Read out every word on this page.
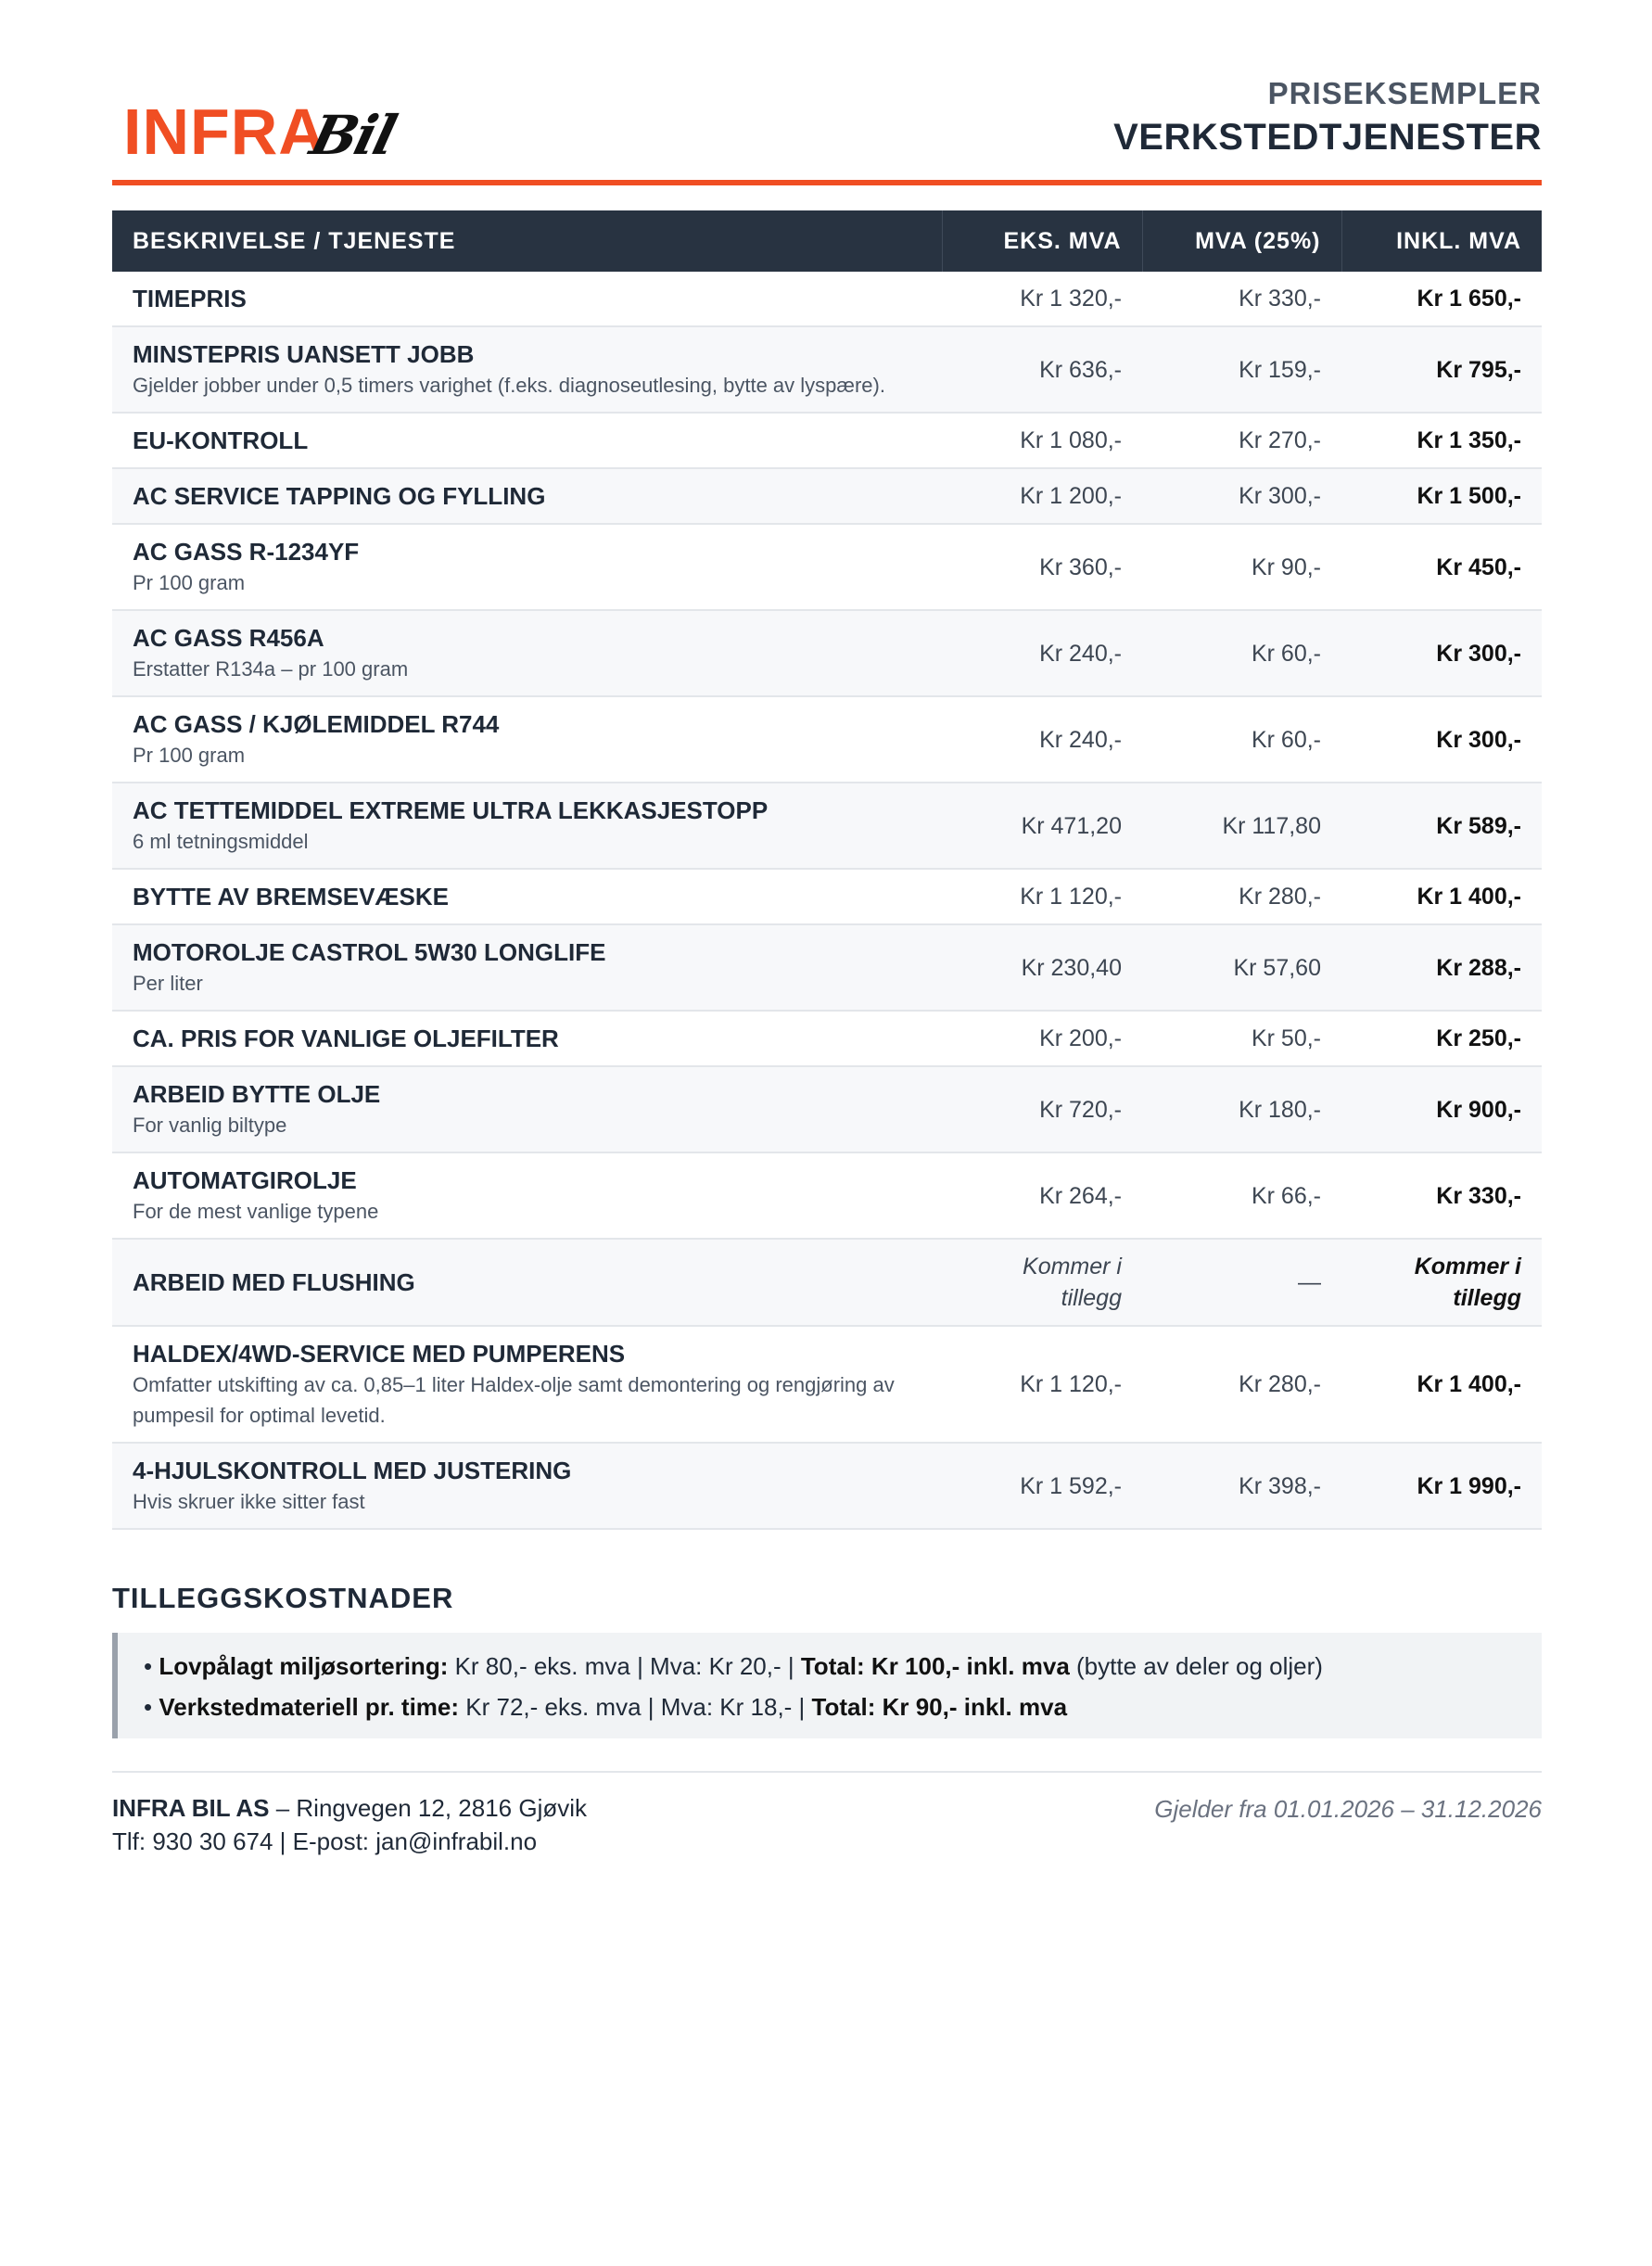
INFRA
Bil
PRISEKSEMPLER
VERKSTEDTJENESTER
BESKRIVELSE / TJENESTE	EKS. MVA	MVA (25%)	INKL. MVA

TIMEPRIS	Kr 1 320,-	Kr 330,-	Kr 1 650,-

MINSTEPRIS UANSETT JOBB
Gjelder jobber under 0,5 timers varighet (f.eks. diagnoseutlesing, bytte av lyspære).	Kr 636,-	Kr 159,-	Kr 795,-

EU-KONTROLL	Kr 1 080,-	Kr 270,-	Kr 1 350,-

AC SERVICE TAPPING OG FYLLING	Kr 1 200,-	Kr 300,-	Kr 1 500,-

AC GASS R-1234YF
Pr 100 gram	Kr 360,-	Kr 90,-	Kr 450,-

AC GASS R456A
Erstatter R134a – pr 100 gram	Kr 240,-	Kr 60,-	Kr 300,-

AC GASS / KJØLEMIDDEL R744
Pr 100 gram	Kr 240,-	Kr 60,-	Kr 300,-

AC TETTEMIDDEL EXTREME ULTRA LEKKASJESTOPP
6 ml tetningsmiddel	Kr 471,20	Kr 117,80	Kr 589,-

BYTTE AV BREMSEVÆSKE	Kr 1 120,-	Kr 280,-	Kr 1 400,-

MOTOROLJE CASTROL 5W30 LONGLIFE
Per liter	Kr 230,40	Kr 57,60	Kr 288,-

CA. PRIS FOR VANLIGE OLJEFILTER	Kr 200,-	Kr 50,-	Kr 250,-

ARBEID BYTTE OLJE
For vanlig biltype	Kr 720,-	Kr 180,-	Kr 900,-

AUTOMATGIROLJE
For de mest vanlige typene	Kr 264,-	Kr 66,-	Kr 330,-

ARBEID MED FLUSHING	Kommer i tillegg	—	Kommer i tillegg

HALDEX/4WD-SERVICE MED PUMPERENS
Omfatter utskifting av ca. 0,85–1 liter Haldex-olje samt demontering og rengjøring av pumpesil for optimal levetid.	Kr 1 120,-	Kr 280,-	Kr 1 400,-

4-HJULSKONTROLL MED JUSTERING
Hvis skruer ikke sitter fast	Kr 1 592,-	Kr 398,-	Kr 1 990,-
TILLEGGSKOSTNADER
• Lovpålagt miljøsortering: Kr 80,- eks. mva | Mva: Kr 20,- | Total: Kr 100,- inkl. mva (bytte av deler og oljer)
• Verkstedmateriell pr. time: Kr 72,- eks. mva | Mva: Kr 18,- | Total: Kr 90,- inkl. mva
INFRA BIL AS – Ringvegen 12, 2816 Gjøvik
Tlf: 930 30 674 | E-post: jan@infrabil.no
Gjelder fra 01.01.2026 – 31.12.2026
